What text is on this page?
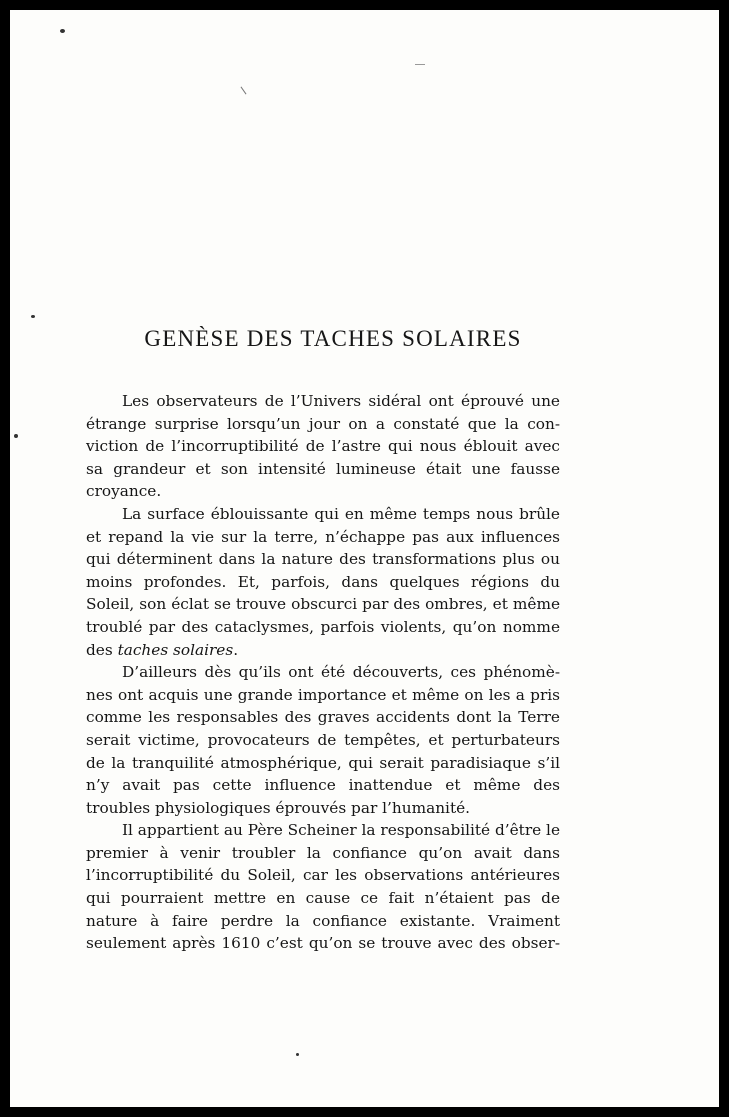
GENÈSE DES TACHES SOLAIRES

Les observateurs de l’Univers sidéral ont éprouvé une étrange surprise lorsqu’un jour on a constaté que la conviction de l’incorruptibilité de l’astre qui nous éblouit avec sa grandeur et son intensité lumineuse était une fausse croyance.

La surface éblouissante qui en même temps nous brûle et repand la vie sur la terre, n’échappe pas aux influences qui déterminent dans la nature des transformations plus ou moins profondes. Et, parfois, dans quelques régions du Soleil, son éclat se trouve obscurci par des ombres, et même troublé par des cataclysmes, parfois violents, qu’on nomme des taches solaires.

D’ailleurs dès qu’ils ont été découverts, ces phénomènes ont acquis une grande importance et même on les a pris comme les responsables des graves accidents dont la Terre serait victime, provocateurs de tempêtes, et perturbateurs de la tranquilité atmosphérique, qui serait paradisiaque s’il n’y avait pas cette influence inattendue et même des troubles physiologiques éprouvés par l’humanité.

Il appartient au Père Scheiner la responsabilité d’être le premier à venir troubler la confiance qu’on avait dans l’incorruptibilité du Soleil, car les observations antérieures qui pourraient mettre en cause ce fait n’étaient pas de nature à faire perdre la confiance existante. Vraiment seulement après 1610 c’est qu’on se trouve avec des obser-
